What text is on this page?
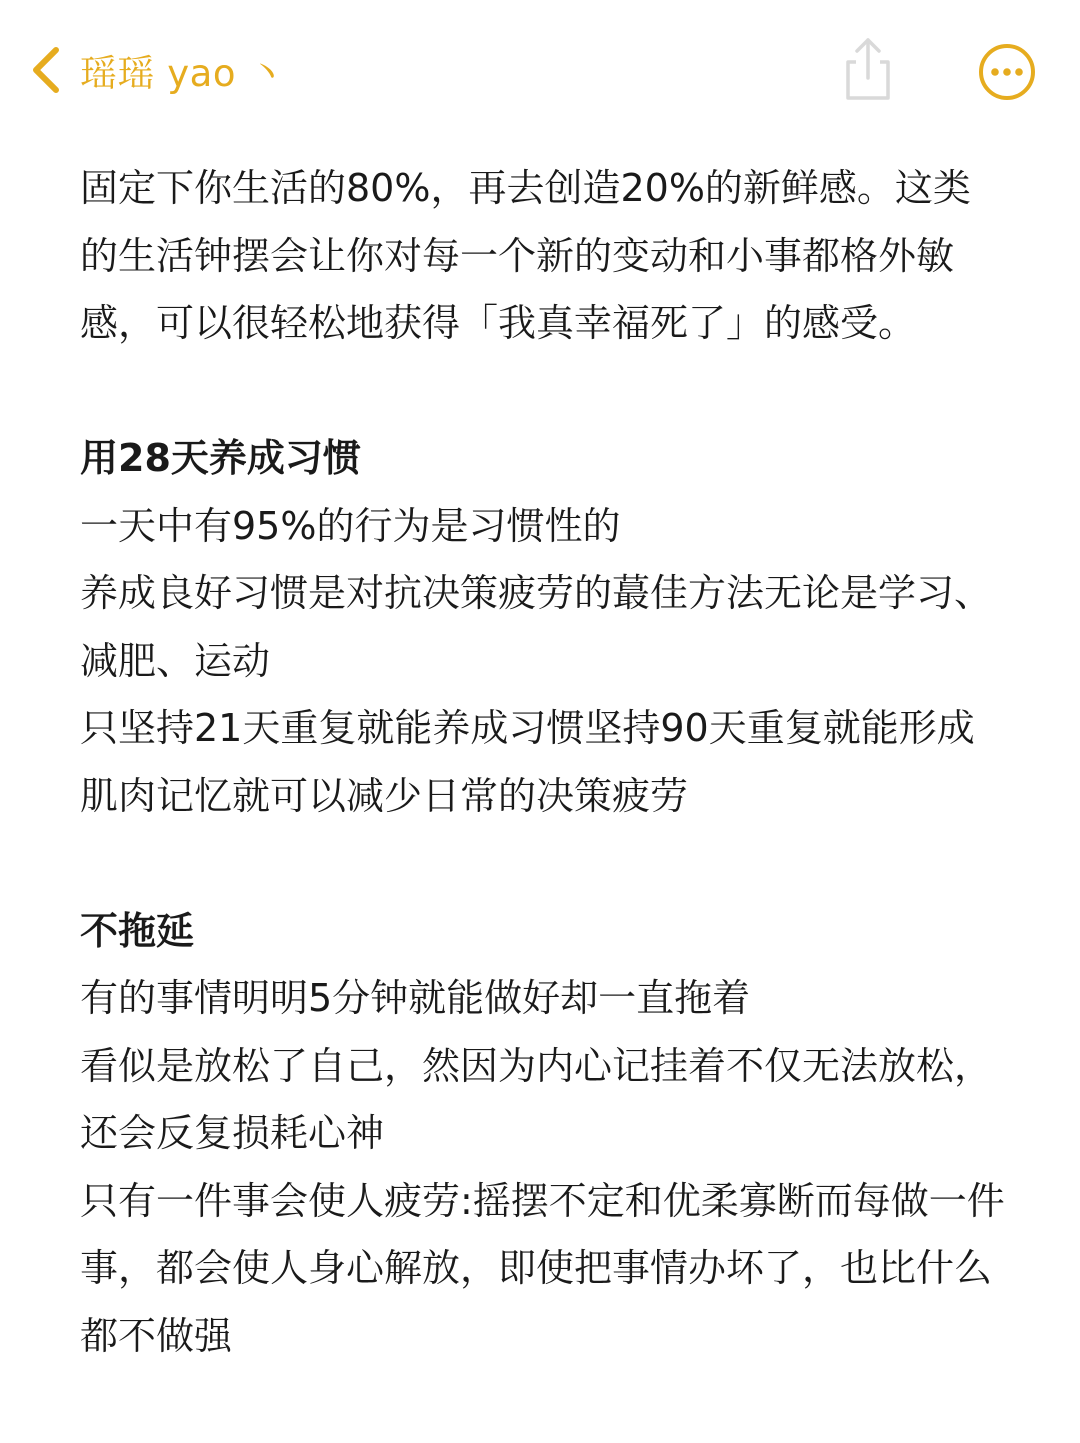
瑶瑶 yao 丶

固定下你生活的80%，再去创造20%的新鲜感。这类的生活钟摆会让你对每一个新的变动和小事都格外敏感，可以很轻松地获得「我真幸福死了」的感受。

用28天养成习惯

一天中有95%的行为是习惯性的

养成良好习惯是对抗决策疲劳的蕞佳方法无论是学习、减肥、运动

只坚持21天重复就能养成习惯坚持90天重复就能形成肌肉记忆就可以减少日常的决策疲劳

不拖延

有的事情明明5分钟就能做好却一直拖着

看似是放松了自己，然因为内心记挂着不仅无法放松，还会反复损耗心神

只有一件事会使人疲劳:摇摆不定和优柔寡断而每做一件事，都会使人身心解放，即使把事情办坏了，也比什么都不做强
